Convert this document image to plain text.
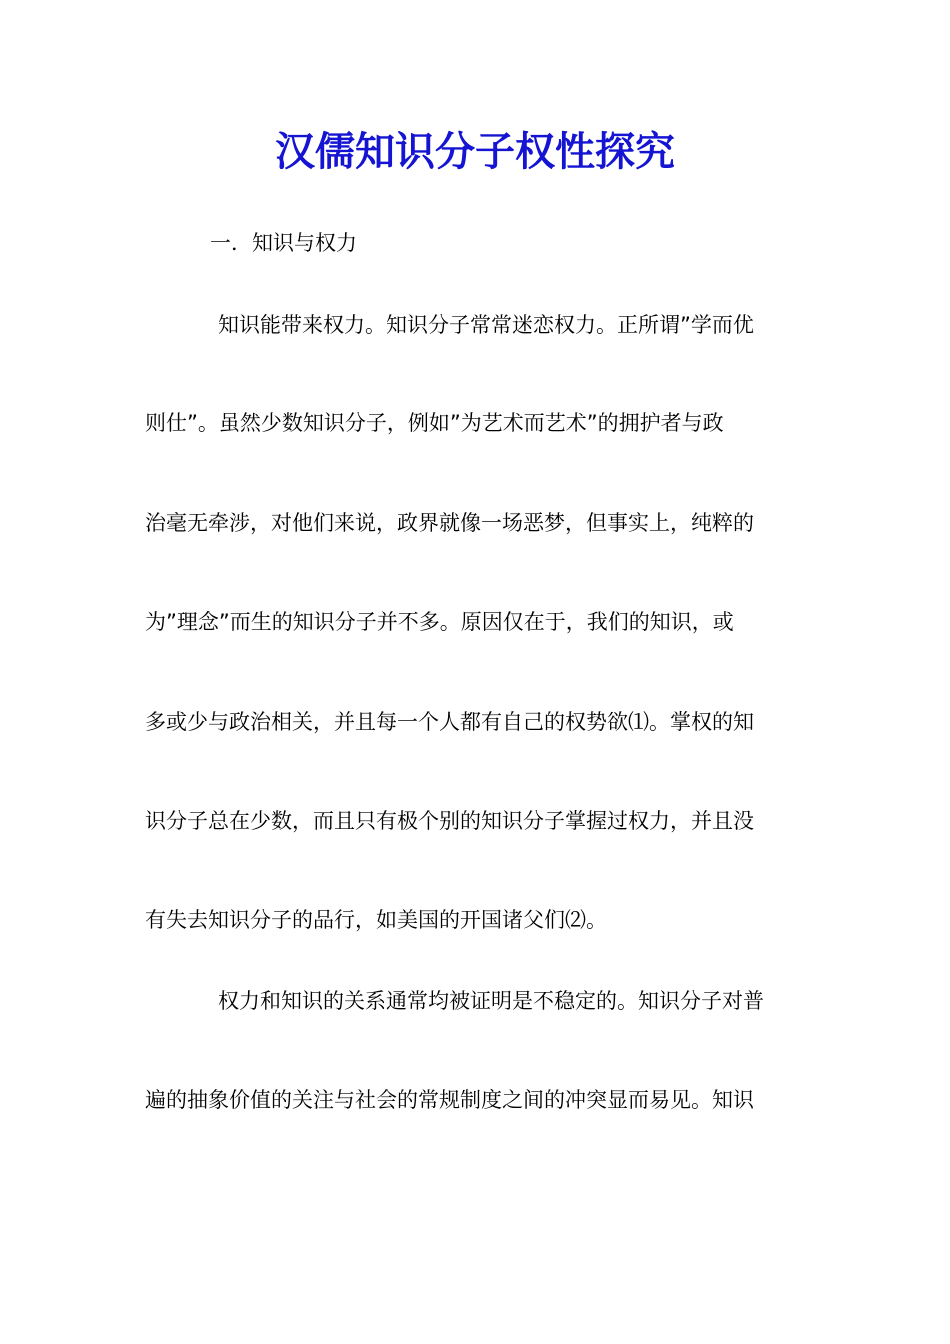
汉儒知识分子权性探究

一．知识与权力

知识能带来权力。知识分子常常迷恋权力。正所谓”学而优

则仕”。虽然少数知识分子，例如”为艺术而艺术”的拥护者与政

治毫无牵涉，对他们来说，政界就像一场恶梦，但事实上，纯粹的

为”理念”而生的知识分子并不多。原因仅在于，我们的知识，或

多或少与政治相关，并且每一个人都有自己的权势欲⑴。掌权的知

识分子总在少数，而且只有极个别的知识分子掌握过权力，并且没

有失去知识分子的品行，如美国的开国诸父们⑵。

权力和知识的关系通常均被证明是不稳定的。知识分子对普

遍的抽象价值的关注与社会的常规制度之间的冲突显而易见。知识
